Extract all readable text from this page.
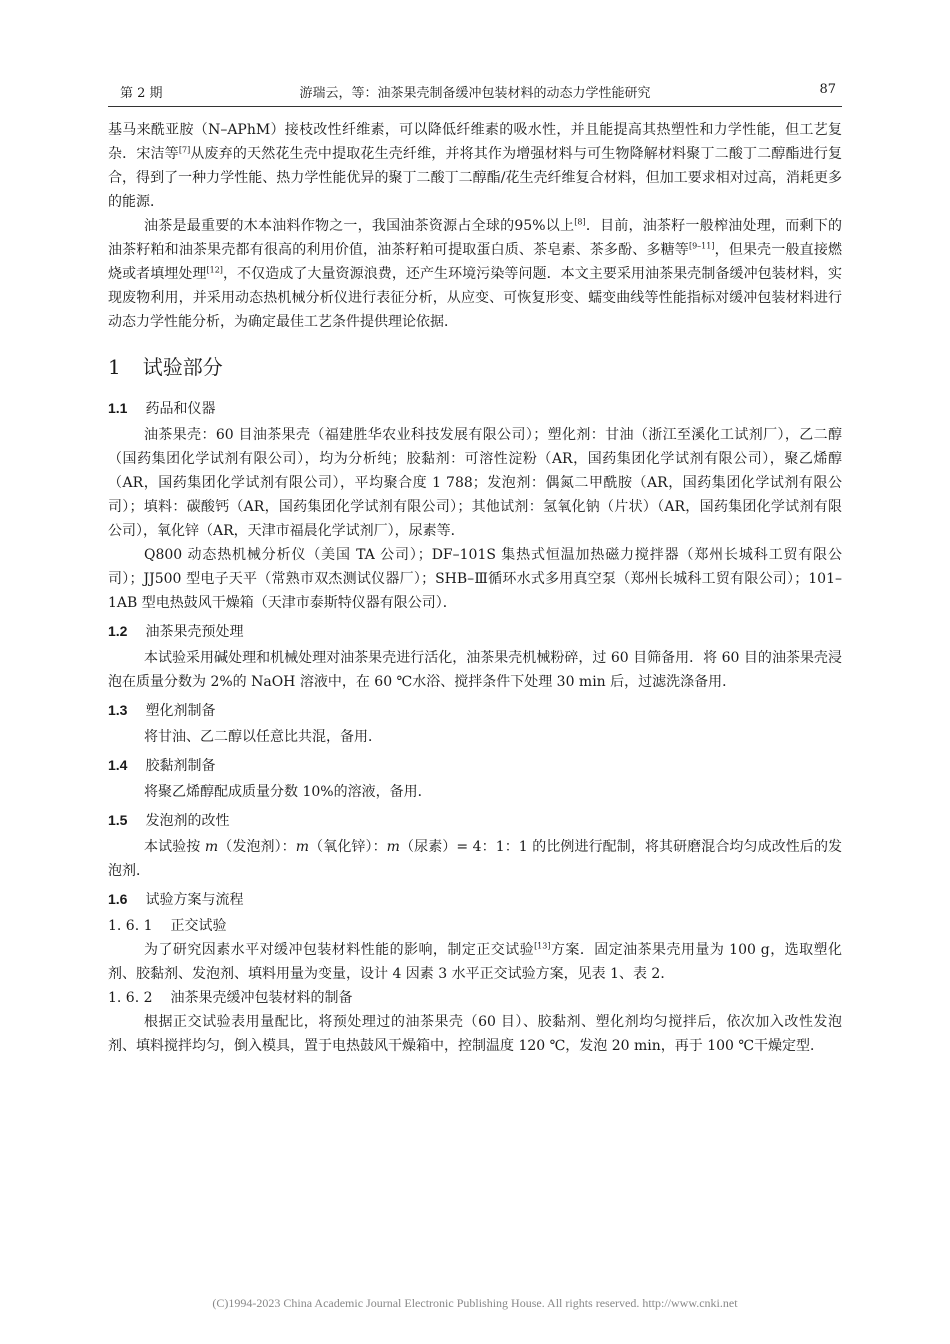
第 2 期	游瑞云，等：油茶果壳制备缓冲包装材料的动态力学性能研究	87

基马来酰亚胺（N–APhM）接枝改性纤维素，可以降低纤维素的吸水性，并且能提高其热塑性和力学性能，但工艺复杂．宋洁等[7]从废弃的天然花生壳中提取花生壳纤维，并将其作为增强材料与可生物降解材料聚丁二酸丁二醇酯进行复合，得到了一种力学性能、热力学性能优异的聚丁二酸丁二醇酯/花生壳纤维复合材料，但加工要求相对过高，消耗更多的能源．

油茶是最重要的木本油料作物之一，我国油茶资源占全球的95%以上[8]．目前，油茶籽一般榨油处理，而剩下的油茶籽粕和油茶果壳都有很高的利用价值，油茶籽粕可提取蛋白质、茶皂素、茶多酚、多糖等[9–11]，但果壳一般直接燃烧或者填埋处理[12]，不仅造成了大量资源浪费，还产生环境污染等问题．本文主要采用油茶果壳制备缓冲包装材料，实现废物利用，并采用动态热机械分析仪进行表征分析，从应变、可恢复形变、蠕变曲线等性能指标对缓冲包装材料进行动态力学性能分析，为确定最佳工艺条件提供理论依据．

1 试验部分
1.1 药品和仪器

油茶果壳：60 目油茶果壳（福建胜华农业科技发展有限公司）；塑化剂：甘油（浙江至溪化工试剂厂），乙二醇（国药集团化学试剂有限公司），均为分析纯；胶黏剂：可溶性淀粉（AR，国药集团化学试剂有限公司），聚乙烯醇（AR，国药集团化学试剂有限公司），平均聚合度 1 788；发泡剂：偶氮二甲酰胺（AR，国药集团化学试剂有限公司）；填料：碳酸钙（AR，国药集团化学试剂有限公司）；其他试剂：氢氧化钠（片状）（AR，国药集团化学试剂有限公司），氧化锌（AR，天津市福晨化学试剂厂），尿素等．

Q800 动态热机械分析仪（美国 TA 公司）；DF–101S 集热式恒温加热磁力搅拌器（郑州长城科工贸有限公司）；JJ500 型电子天平（常熟市双杰测试仪器厂）；SHB–Ⅲ循环水式多用真空泵（郑州长城科工贸有限公司）；101–1AB 型电热鼓风干燥箱（天津市泰斯特仪器有限公司）．

1.2 油茶果壳预处理

本试验采用碱处理和机械处理对油茶果壳进行活化，油茶果壳机械粉碎，过 60 目筛备用．将 60 目的油茶果壳浸泡在质量分数为 2%的 NaOH 溶液中，在 60 ℃水浴、搅拌条件下处理 30 min 后，过滤洗涤备用．

1.3 塑化剂制备

将甘油、乙二醇以任意比共混，备用．

1.4 胶黏剂制备

将聚乙烯醇配成质量分数 10%的溶液，备用．

1.5 发泡剂的改性

本试验按 m（发泡剂）：m（氧化锌）：m（尿素）= 4：1：1 的比例进行配制，将其研磨混合均匀成改性后的发泡剂．

1.6 试验方案与流程
1. 6. 1 正交试验

为了研究因素水平对缓冲包装材料性能的影响，制定正交试验[13]方案．固定油茶果壳用量为 100 g，选取塑化剂、胶黏剂、发泡剂、填料用量为变量，设计 4 因素 3 水平正交试验方案，见表 1、表 2．

1. 6. 2 油茶果壳缓冲包装材料的制备

根据正交试验表用量配比，将预处理过的油茶果壳（60 目）、胶黏剂、塑化剂均匀搅拌后，依次加入改性发泡剂、填料搅拌均匀，倒入模具，置于电热鼓风干燥箱中，控制温度 120 ℃，发泡 20 min，再于 100 ℃干燥定型．

(C)1994-2023 China Academic Journal Electronic Publishing House. All rights reserved. http://www.cnki.net
